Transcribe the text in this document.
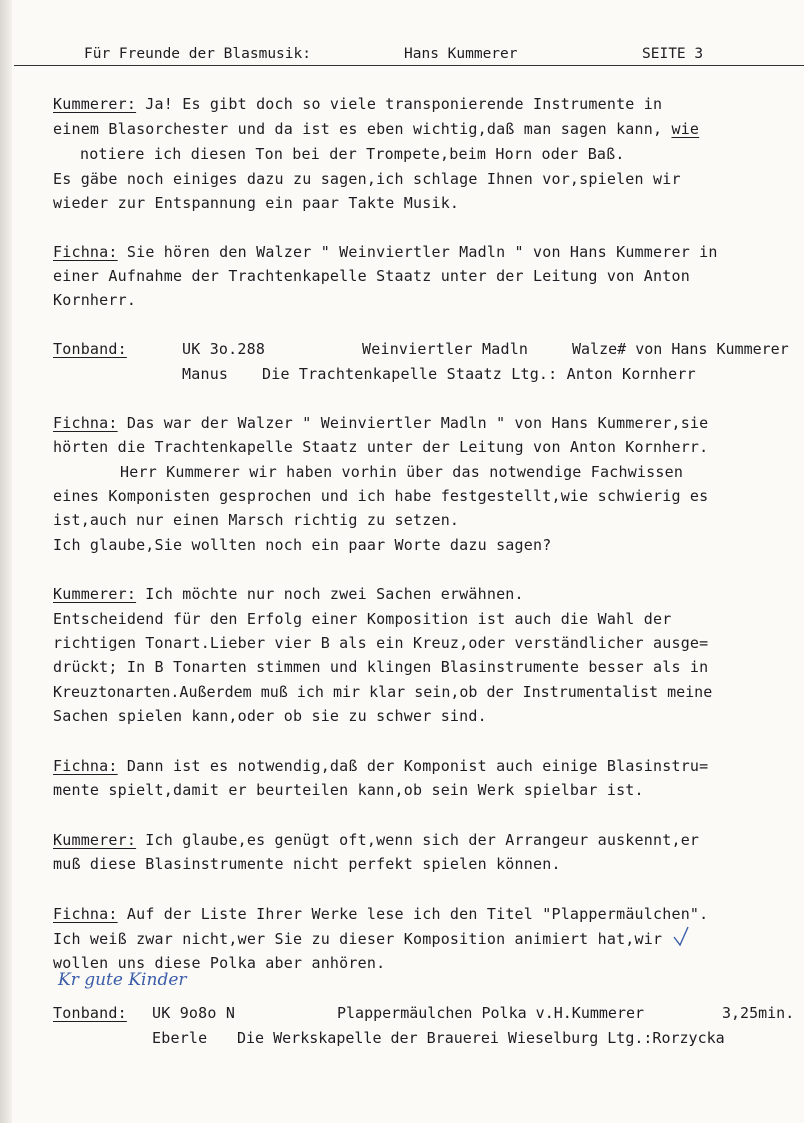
Für Freunde der Blasmusik:	Hans Kummerer	SEITE 3
Kummerer: Ja! Es gibt doch so viele transponierende Instrumente in
einem Blasorchester und da ist es eben wichtig,daß man sagen kann, wie
notiere ich diesen Ton bei der Trompete,beim Horn oder Baß.
Es gäbe noch einiges dazu zu sagen,ich schlage Ihnen vor,spielen wir
wieder zur Entspannung ein paar Takte Musik.
Fichna: Sie hören den Walzer " Weinviertler Madln " von Hans Kummerer in
einer Aufnahme der Trachtenkapelle Staatz unter der Leitung von Anton
Kornherr.
Tonband:	UK 3o.288	Weinviertler Madln	Walze# von Hans Kummerer
Manus Die Trachtenkapelle Staatz Ltg.: Anton Kornherr
Fichna: Das war der Walzer " Weinviertler Madln " von Hans Kummerer,sie
hörten die Trachtenkapelle Staatz unter der Leitung von Anton Kornherr.
Herr Kummerer wir haben vorhin über das notwendige Fachwissen
eines Komponisten gesprochen und ich habe festgestellt,wie schwierig es
ist,auch nur einen Marsch richtig zu setzen.
Ich glaube,Sie wollten noch ein paar Worte dazu sagen?
Kummerer: Ich möchte nur noch zwei Sachen erwähnen.
Entscheidend für den Erfolg einer Komposition ist auch die Wahl der
richtigen Tonart.Lieber vier B als ein Kreuz,oder verständlicher ausge=
drückt; In B Tonarten stimmen und klingen Blasinstrumente besser als in
Kreuztonarten.Außerdem muß ich mir klar sein,ob der Instrumentalist meine
Sachen spielen kann,oder ob sie zu schwer sind.
Fichna: Dann ist es notwendig,daß der Komponist auch einige Blasinstru=
mente spielt,damit er beurteilen kann,ob sein Werk spielbar ist.
Kummerer: Ich glaube,es genügt oft,wenn sich der Arrangeur auskennt,er
muß diese Blasinstrumente nicht perfekt spielen können.
Fichna: Auf der Liste Ihrer Werke lese ich den Titel "Plappermäulchen".
Ich weiß zwar nicht,wer Sie zu dieser Komposition animiert hat,wir
wollen uns diese Polka aber anhören.
Kr gute Kinder
Tonband: UK 9o8o N	Plappermäulchen Polka v.H.Kummerer	3,25min.
Eberle Die Werkskapelle der Brauerei Wieselburg Ltg.:Rorzycka
